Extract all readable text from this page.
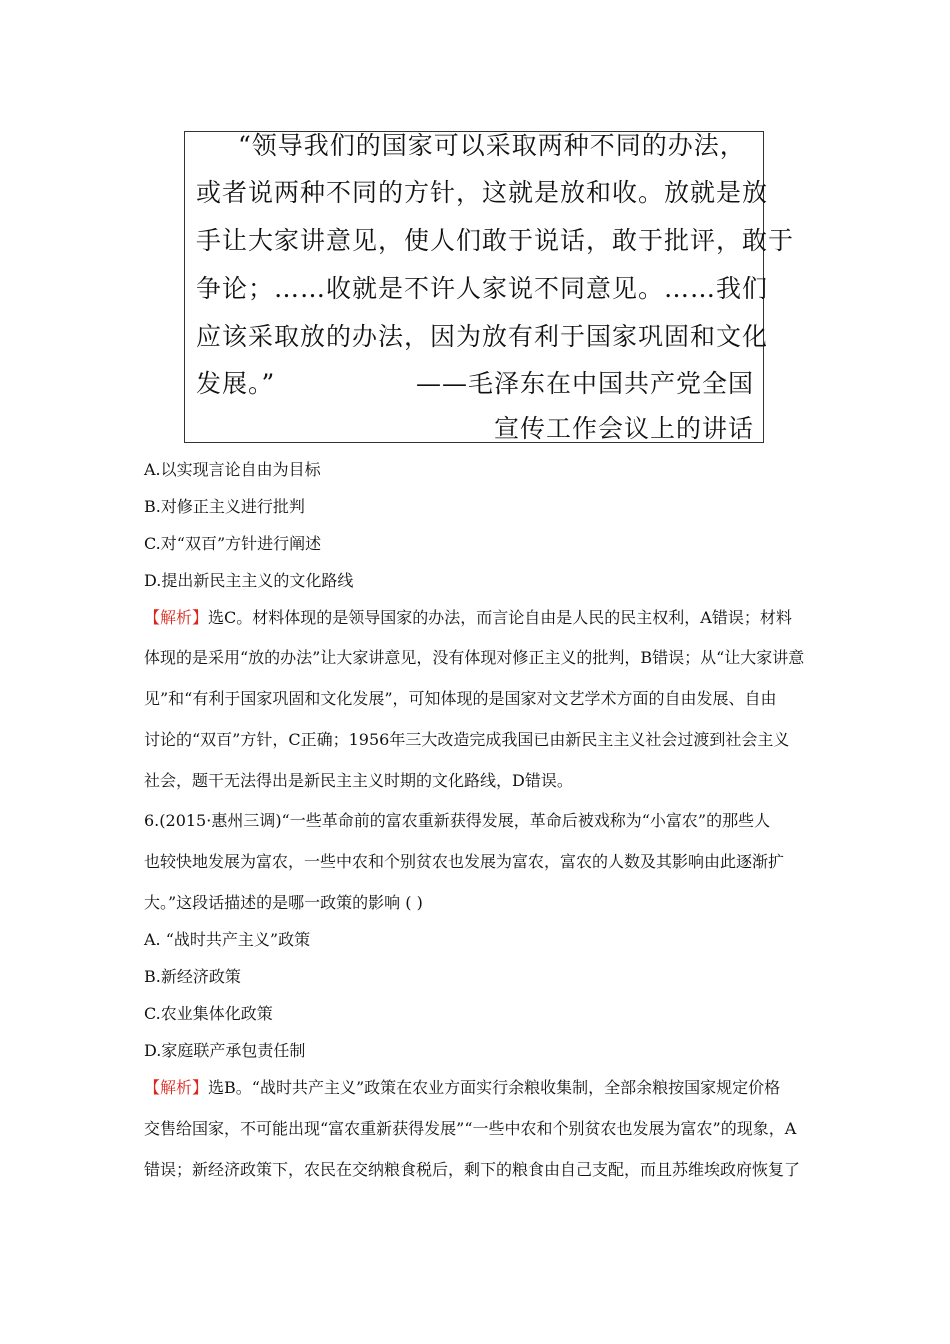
“领导我们的国家可以采取两种不同的办法，
或者说两种不同的方针，这就是放和收。放就是放
手让大家讲意见，使人们敢于说话，敢于批评，敢于
争论；……收就是不许人家说不同意见。……我们
应该采取放的办法，因为放有利于国家巩固和文化
发展。”	——毛泽东在中国共产党全国
宣传工作会议上的讲话
A.以实现言论自由为目标
B.对修正主义进行批判
C.对“双百”方针进行阐述
D.提出新民主主义的文化路线
【解析】选C。材料体现的是领导国家的办法，而言论自由是人民的民主权利，A错误；材料
体现的是采用“放的办法”让大家讲意见，没有体现对修正主义的批判，B错误；从“让大家讲意
见”和“有利于国家巩固和文化发展”，可知体现的是国家对文艺学术方面的自由发展、自由
讨论的“双百”方针，C正确；1956年三大改造完成我国已由新民主主义社会过渡到社会主义
社会，题干无法得出是新民主主义时期的文化路线，D错误。
6.(2015·惠州三调)“一些革命前的富农重新获得发展，革命后被戏称为“小富农”的那些人
也较快地发展为富农，一些中农和个别贫农也发展为富农，富农的人数及其影响由此逐渐扩
大。”这段话描述的是哪一政策的影响 ( )
A. “战时共产主义”政策
B.新经济政策
C.农业集体化政策
D.家庭联产承包责任制
【解析】选B。“战时共产主义”政策在农业方面实行余粮收集制，全部余粮按国家规定价格
交售给国家，不可能出现“富农重新获得发展”“一些中农和个别贫农也发展为富农”的现象，A
错误；新经济政策下，农民在交纳粮食税后，剩下的粮食由自己支配，而且苏维埃政府恢复了
